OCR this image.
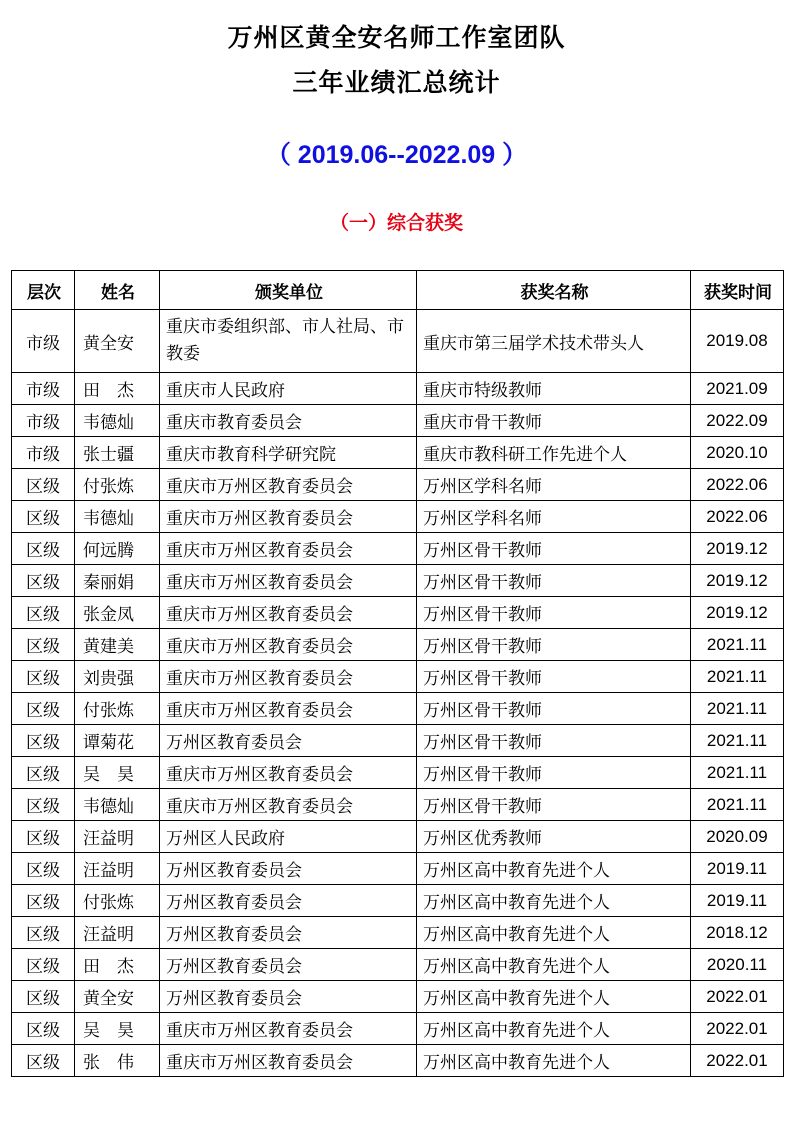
万州区黄全安名师工作室团队
三年业绩汇总统计
（ 2019.06--2022.09 ）
（一）综合获奖
层次	姓名	颁奖单位	获奖名称	获奖时间
市级	黄全安	重庆市委组织部、市人社局、市教委	重庆市第三届学术技术带头人	2019.08
市级	田　杰	重庆市人民政府	重庆市特级教师	2021.09
市级	韦德灿	重庆市教育委员会	重庆市骨干教师	2022.09
市级	张士疆	重庆市教育科学研究院	重庆市教科研工作先进个人	2020.10
区级	付张炼	重庆市万州区教育委员会	万州区学科名师	2022.06
区级	韦德灿	重庆市万州区教育委员会	万州区学科名师	2022.06
区级	何远腾	重庆市万州区教育委员会	万州区骨干教师	2019.12
区级	秦丽娟	重庆市万州区教育委员会	万州区骨干教师	2019.12
区级	张金凤	重庆市万州区教育委员会	万州区骨干教师	2019.12
区级	黄建美	重庆市万州区教育委员会	万州区骨干教师	2021.11
区级	刘贵强	重庆市万州区教育委员会	万州区骨干教师	2021.11
区级	付张炼	重庆市万州区教育委员会	万州区骨干教师	2021.11
区级	谭菊花	万州区教育委员会	万州区骨干教师	2021.11
区级	吴　昊	重庆市万州区教育委员会	万州区骨干教师	2021.11
区级	韦德灿	重庆市万州区教育委员会	万州区骨干教师	2021.11
区级	汪益明	万州区人民政府	万州区优秀教师	2020.09
区级	汪益明	万州区教育委员会	万州区高中教育先进个人	2019.11
区级	付张炼	万州区教育委员会	万州区高中教育先进个人	2019.11
区级	汪益明	万州区教育委员会	万州区高中教育先进个人	2018.12
区级	田　杰	万州区教育委员会	万州区高中教育先进个人	2020.11
区级	黄全安	万州区教育委员会	万州区高中教育先进个人	2022.01
区级	吴　昊	重庆市万州区教育委员会	万州区高中教育先进个人	2022.01
区级	张　伟	重庆市万州区教育委员会	万州区高中教育先进个人	2022.01
